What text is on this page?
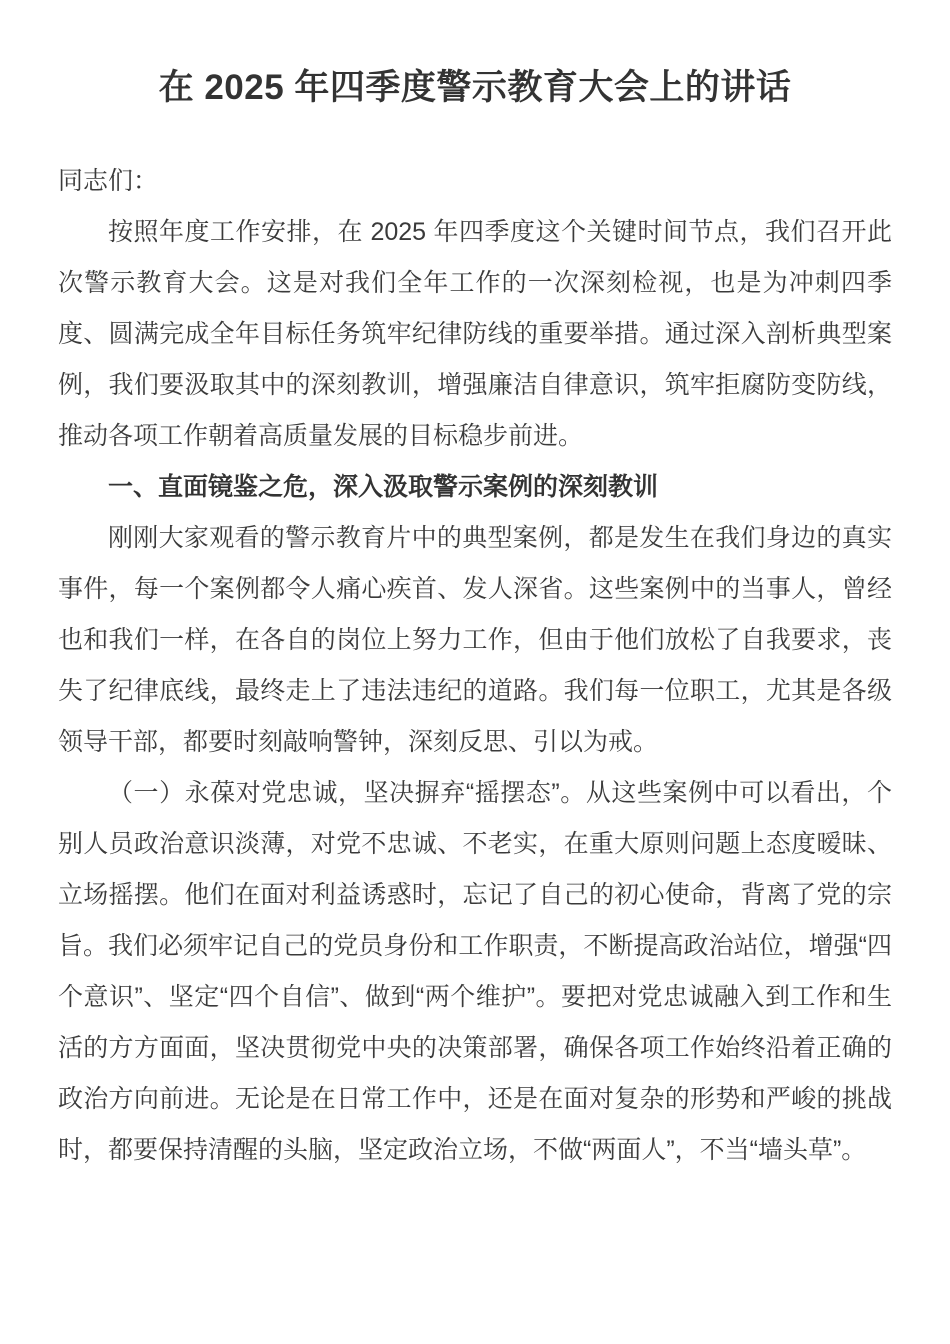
在 2025 年四季度警示教育大会上的讲话

同志们：

按照年度工作安排，在 2025 年四季度这个关键时间节点，我们召开此次警示教育大会。这是对我们全年工作的一次深刻检视，也是为冲刺四季度、圆满完成全年目标任务筑牢纪律防线的重要举措。通过深入剖析典型案例，我们要汲取其中的深刻教训，增强廉洁自律意识，筑牢拒腐防变防线，推动各项工作朝着高质量发展的目标稳步前进。

一、直面镜鉴之危，深入汲取警示案例的深刻教训

刚刚大家观看的警示教育片中的典型案例，都是发生在我们身边的真实事件，每一个案例都令人痛心疾首、发人深省。这些案例中的当事人，曾经也和我们一样，在各自的岗位上努力工作，但由于他们放松了自我要求，丧失了纪律底线，最终走上了违法违纪的道路。我们每一位职工，尤其是各级领导干部，都要时刻敲响警钟，深刻反思、引以为戒。

（一）永葆对党忠诚，坚决摒弃“摇摆态”。从这些案例中可以看出，个别人员政治意识淡薄，对党不忠诚、不老实，在重大原则问题上态度暧昧、立场摇摆。他们在面对利益诱惑时，忘记了自己的初心使命，背离了党的宗旨。我们必须牢记自己的党员身份和工作职责，不断提高政治站位，增强“四个意识”、坚定“四个自信”、做到“两个维护”。要把对党忠诚融入到工作和生活的方方面面，坚决贯彻党中央的决策部署，确保各项工作始终沿着正确的政治方向前进。无论是在日常工作中，还是在面对复杂的形势和严峻的挑战时，都要保持清醒的头脑，坚定政治立场，不做“两面人”，不当“墙头草”。
